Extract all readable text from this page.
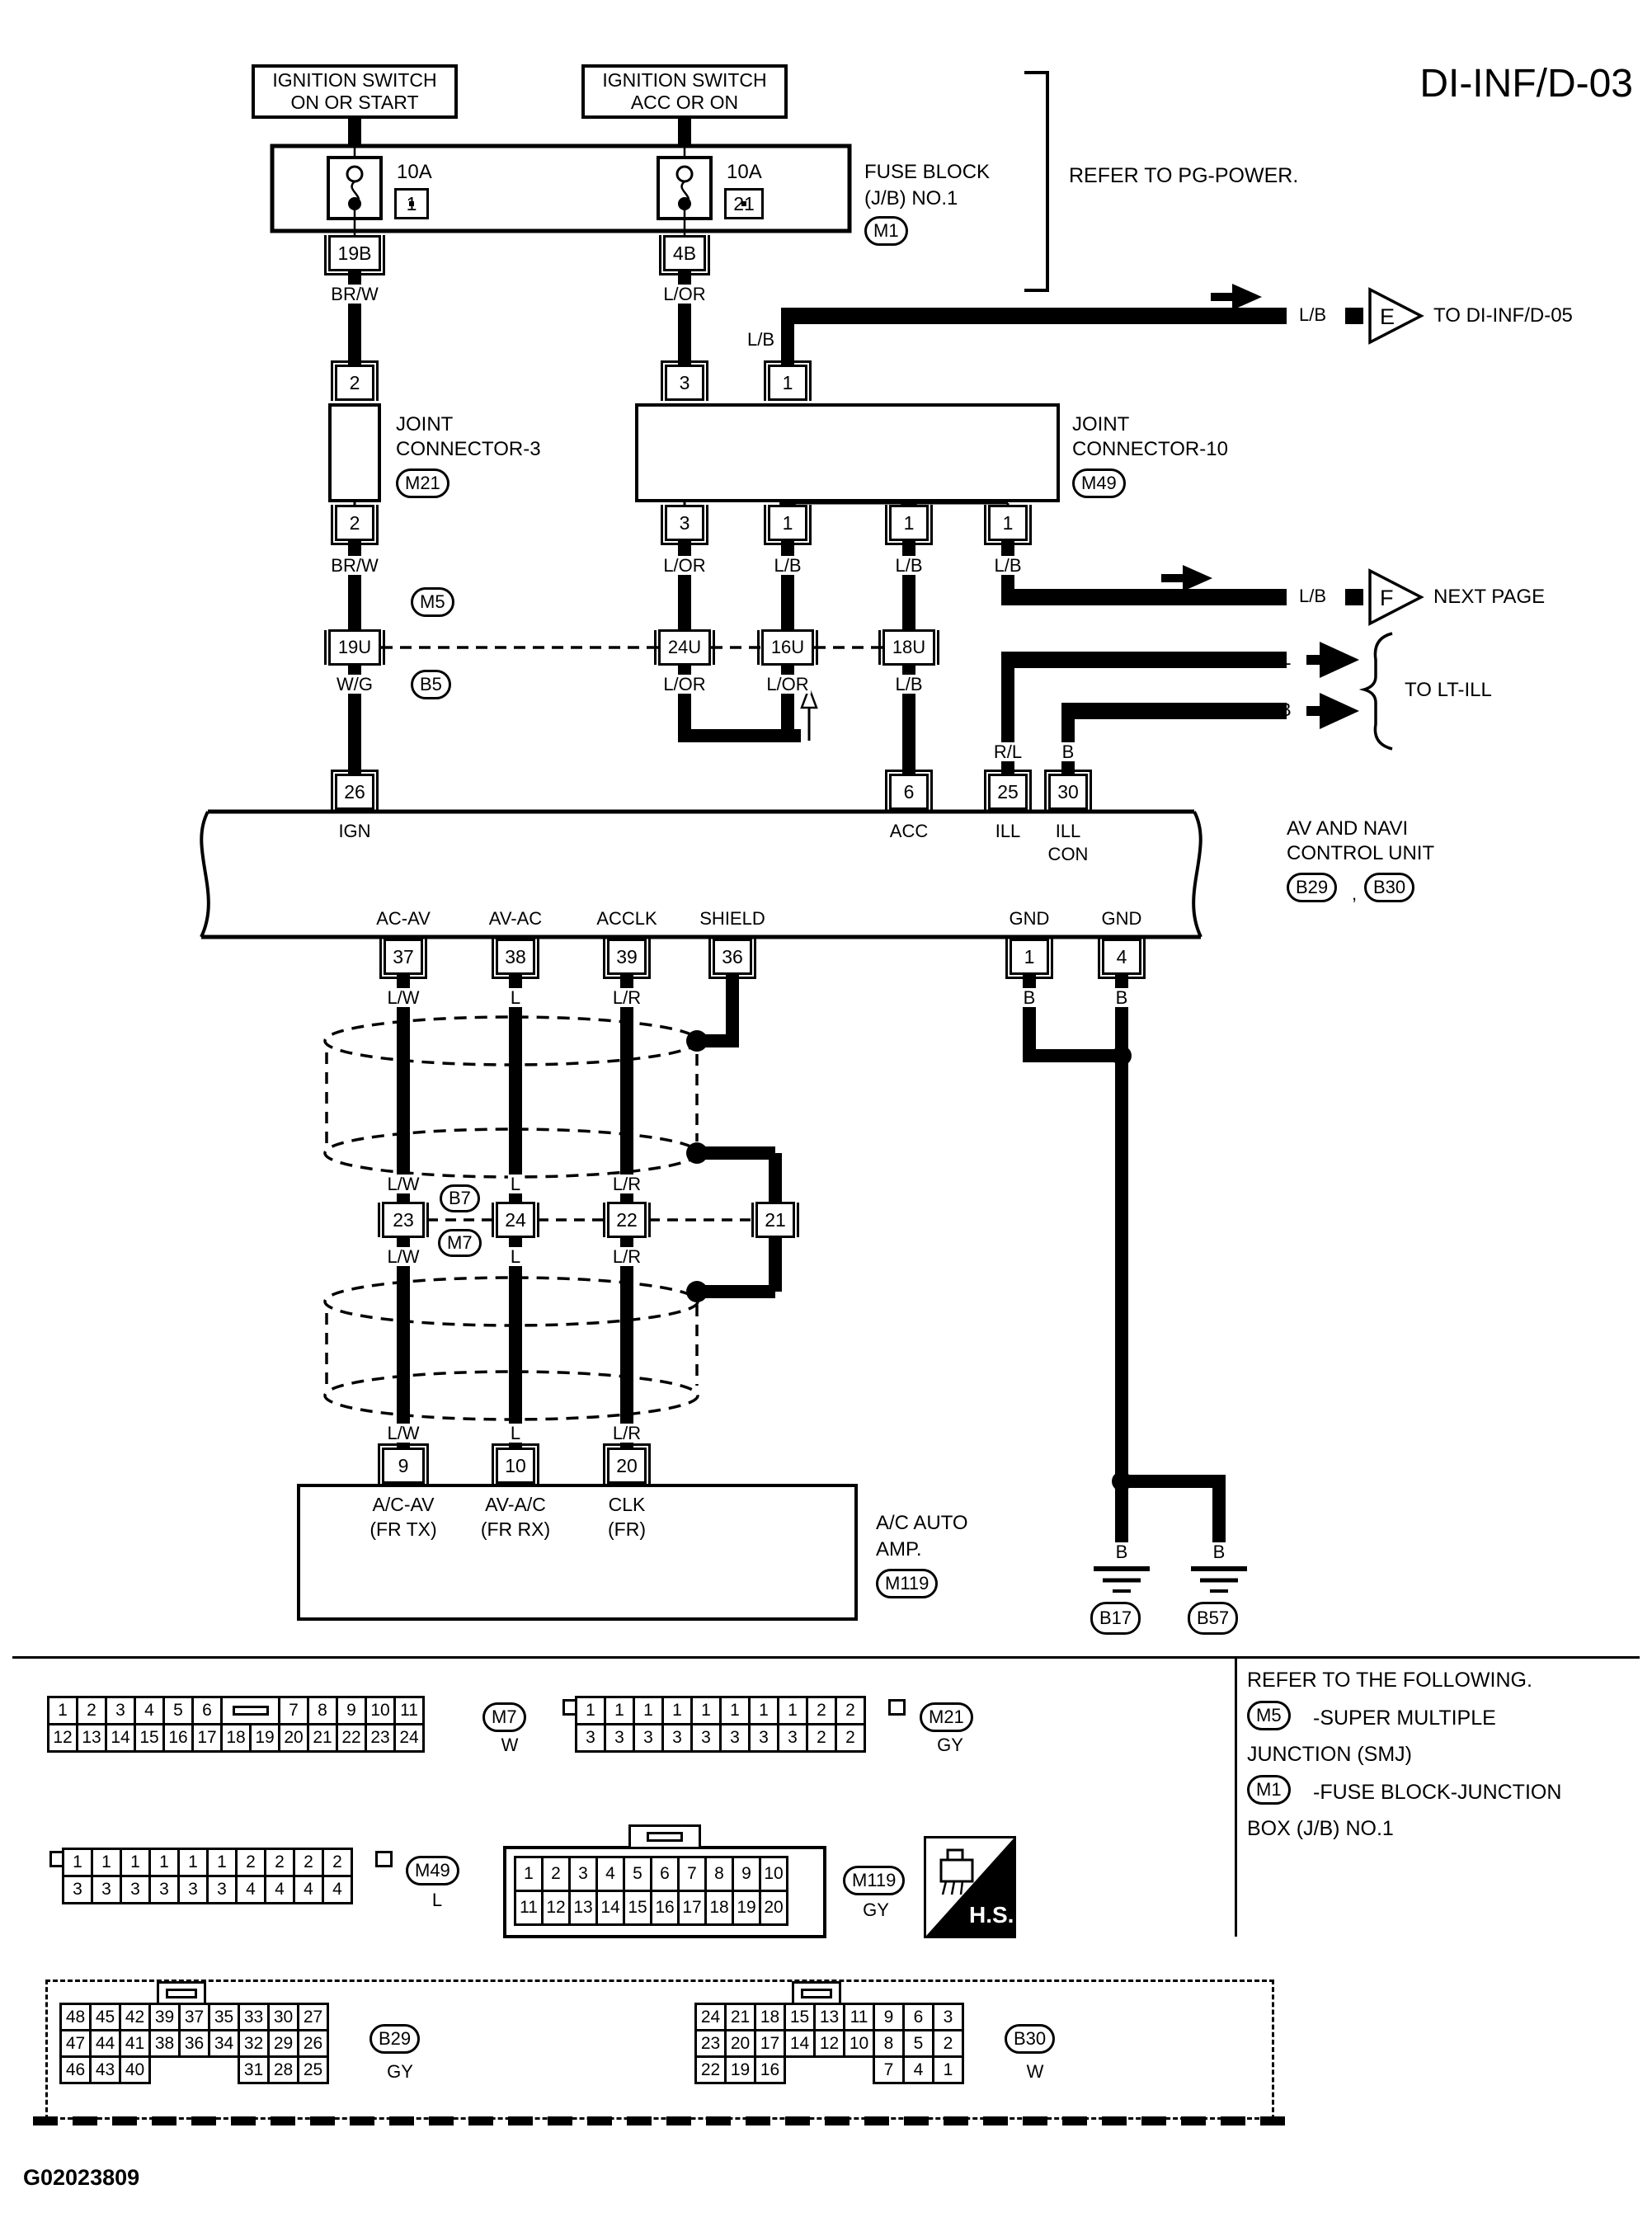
E
F
DI-INF/D-03
IGNITION SWITCH
ON OR START
IGNITION SWITCH
ACC OR ON
10A
1
10A
21
FUSE BLOCK
(J/B) NO.1
M1
REFER TO PG-POWER.
19B	4B
BR/W	L/OR
L/B	TO DI-INF/D-05
L/B
2	3	1
JOINT
CONNECTOR-3
M21
JOINT
CONNECTOR-10
M49
2	3	1	1	1
BR/W	L/OR	L/B	L/B	L/B
L/B	NEXT PAGE
M5
B5
19U	24U	16U	18U
W/G	L/OR	L/OR	L/B
R/L
B
TO LT-ILL
R/L B
26	6	25	30
IGN	ACC	ILL ILL
CON
AC-AV	AV-AC	ACCLK SHIELD	GND	GND
AV AND NAVI
CONTROL UNIT
B29	, B30
37	38	39	36	1	4
L/W	L	L/R	B	B
L/W	L	L/R
23
B7
M7
24	22	21
L/W	L	L/R
L/W	L	L/R
9	10	20
A/C-AV
(FR TX)
AV-A/C
(FR RX)
CLK
(FR)	A/C AUTO
AMP.
M119
B	B
B17	B57
1	2	3	4	5	6	7	8	9 10 11
12 13 14 15 16 17 18 19 20 21 22 23 24
M7
W
1	1	1	1	1	1	1	1	2	2
3	3	3	3	3	3	3	3	2	2
M21
GY
1	1	1	1	1	1	2	2	2	2
3	3	3	3	3	3	4	4	4	4
M49
L
1	2	3	4	5	6	7	8	9 10
11 12 13 14 15 16 17 18 19 20
M119
GY	H.S.
REFER TO THE FOLLOWING.
M5	-SUPER MULTIPLE
JUNCTION (SMJ)
M1	-FUSE BLOCK-JUNCTION
BOX (J/B) NO.1
48 45 42 39 37 35 33 30 27
47 44 41 38 36 34 32 29 26
46 43 40	31 28 25
B29
GY
24 21 18 15 13 11 9	6	3
23 20 17 14 12 10 8	5	2
22 19 16	7	4	1
B30
W
G02023809
